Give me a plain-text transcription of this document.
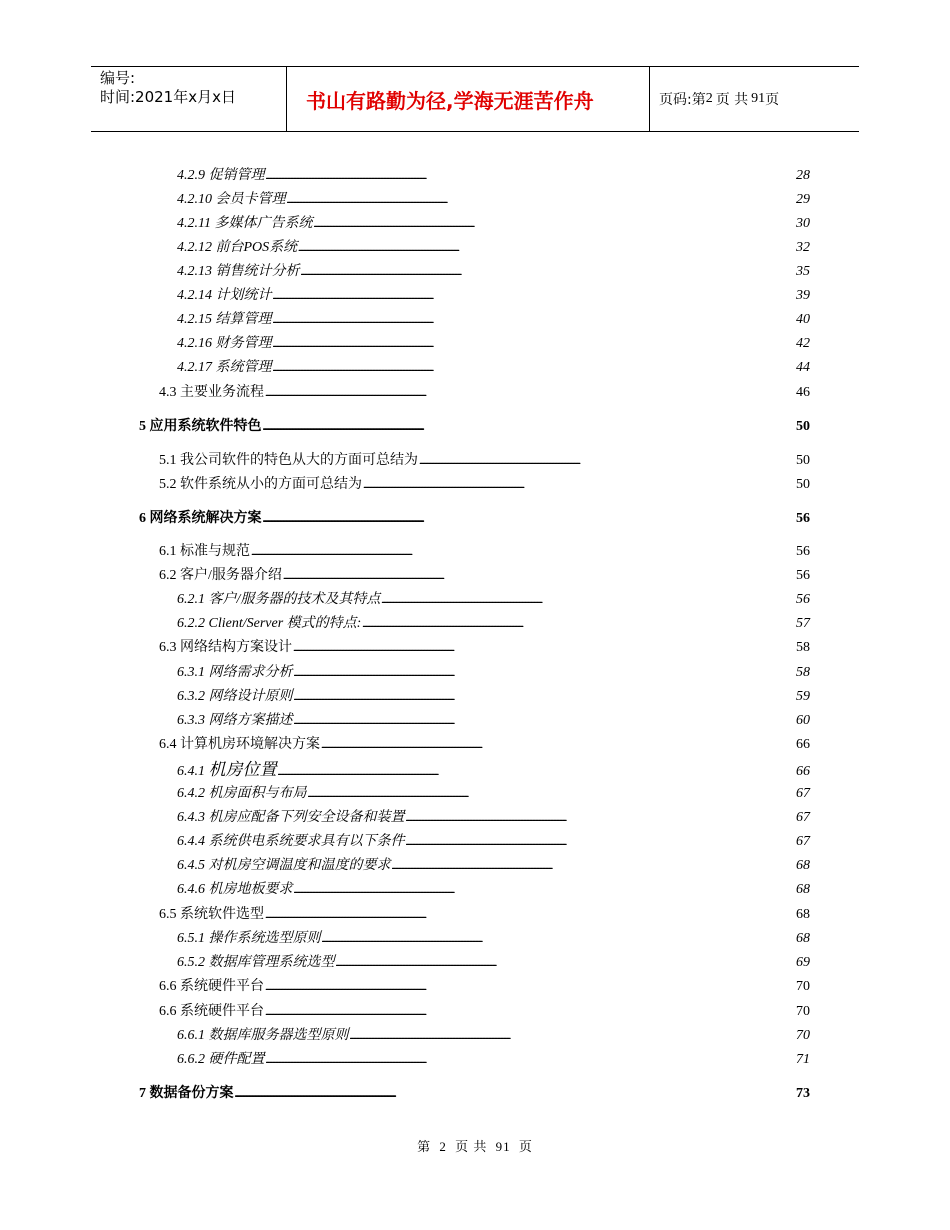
编号:
时间:2021年x月x日	书山有路勤为径,学海无涯苦作舟	页码:第 2 页 共 91 页
4.2.9 促销管理 . . .	28
4.2.10 会员卡管理 . . .	29
4.2.11 多媒体广告系统 . . .	30
4.2.12 前台POS系统 . . .	32
4.2.13 销售统计分析 . . .	35
4.2.14 计划统计 . . .	39
4.2.15 结算管理 . . .	40
4.2.16 财务管理 . . .	42
4.2.17 系统管理 . . .	44
4.3 主要业务流程 . . .	46
5 应用系统软件特色 . . .	50
5.1 我公司软件的特色从大的方面可总结为 . . .	50
5.2 软件系统从小的方面可总结为 . . .	50
6 网络系统解决方案 . . .	56
6.1 标准与规范 . . .	56
6.2 客户/服务器介绍 . . .	56
6.2.1 客户/服务器的技术及其特点 . . .	56
6.2.2 Client/Server 模式的特点: . . .	57
6.3 网络结构方案设计 . . .	58
6.3.1 网络需求分析 . . .	58
6.3.2 网络设计原则 . . .	59
6.3.3 网络方案描述 . . .	60
6.4 计算机房环境解决方案 . . .	66
6.4.1 机房位置 . . .	66
6.4.2 机房面积与布局 . . .	67
6.4.3 机房应配备下列安全设备和装置 . . .	67
6.4.4 系统供电系统要求具有以下条件 . . .	67
6.4.5 对机房空调温度和温度的要求 . . .	68
6.4.6 机房地板要求 . . .	68
6.5 系统软件选型 . . .	68
6.5.1 操作系统选型原则 . . .	68
6.5.2 数据库管理系统选型 . . .	69
6.6 系统硬件平台 . . .	70
6.6 系统硬件平台 . . .	70
6.6.1 数据库服务器选型原则 . . .	70
6.6.2 硬件配置 . . .	71
7 数据备份方案 . . .	73
第 2 页 共 91 页
